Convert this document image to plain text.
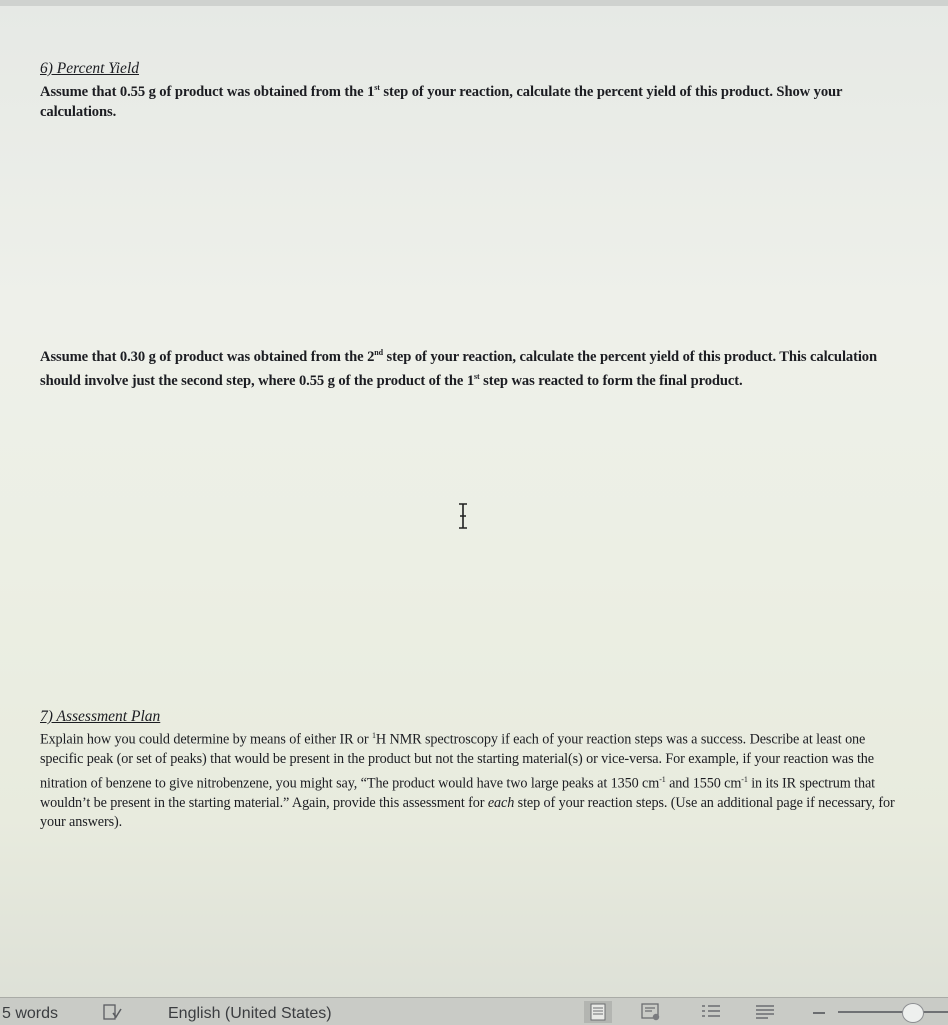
6) Percent Yield

Assume that 0.55 g of product was obtained from the 1st step of your reaction, calculate the percent yield of this product. Show your calculations.

Assume that 0.30 g of product was obtained from the 2nd step of your reaction, calculate the percent yield of this product. This calculation should involve just the second step, where 0.55 g of the product of the 1st step was reacted to form the final product.

7) Assessment Plan

Explain how you could determine by means of either IR or $^1$H NMR spectroscopy if each of your reaction steps was a success. Describe at least one specific peak (or set of peaks) that would be present in the product but not the starting material(s) or vice-versa. For example, if your reaction was the nitration of benzene to give nitrobenzene, you might say, “The product would have two large peaks at 1350 $cm^{-1}$ and 1550 $cm^{-1}$ in its IR spectrum that wouldn’t be present in the starting material.” Again, provide this assessment for each step of your reaction steps. (Use an additional page if necessary, for your answers).

5 words	English (United States)
